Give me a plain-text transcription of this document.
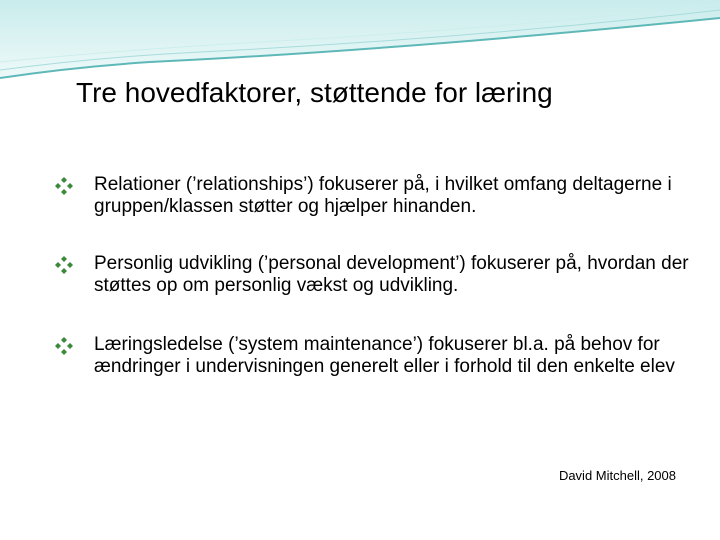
Tre hovedfaktorer, støttende for læring
Relationer (’relationships’) fokuserer på, i hvilket omfang deltagerne i gruppen/klassen støtter og hjælper hinanden.
Personlig udvikling (’personal development’) fokuserer på, hvordan der støttes op om personlig vækst og udvikling.
Læringsledelse (’system maintenance’) fokuserer bl.a. på behov for ændringer i undervisningen generelt eller i forhold til den enkelte elev
David Mitchell, 2008
